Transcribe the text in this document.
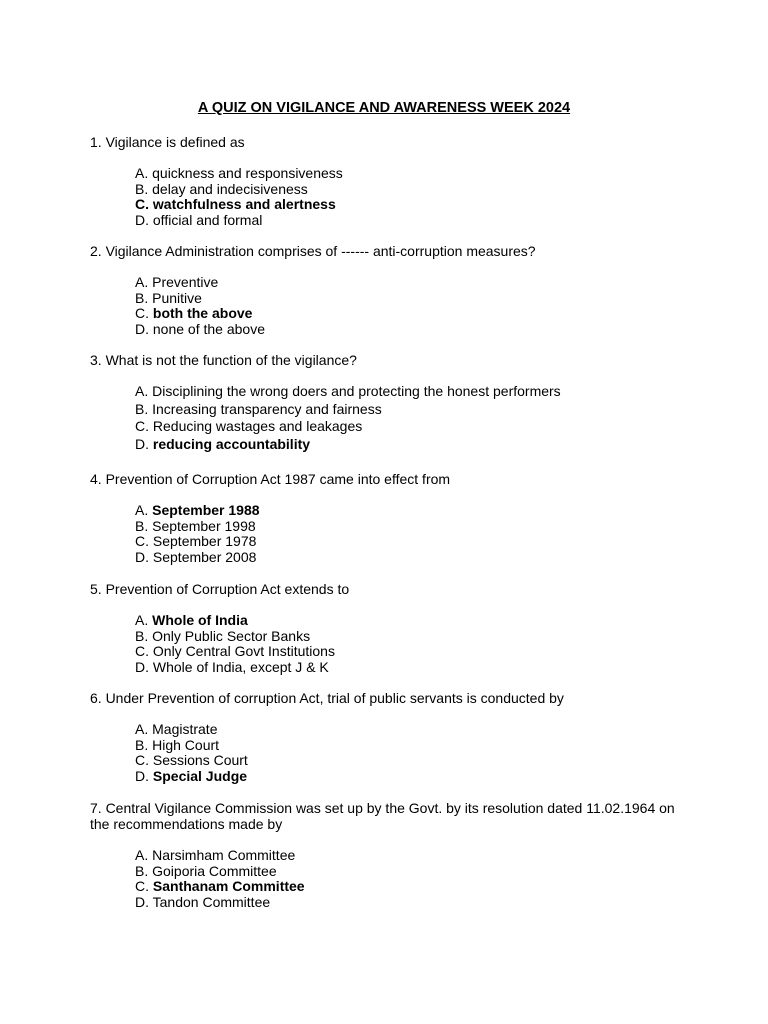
A QUIZ ON VIGILANCE AND AWARENESS WEEK 2024
1. Vigilance is defined as
A. quickness and responsiveness
B. delay and indecisiveness
C. watchfulness and alertness
D. official and formal
2. Vigilance Administration comprises of ------ anti-corruption measures?
A. Preventive
B. Punitive
C. both the above
D. none of the above
3. What is not the function of the vigilance?
A. Disciplining the wrong doers and protecting the honest performers
B. Increasing transparency and fairness
C. Reducing wastages and leakages
D. reducing accountability
4. Prevention of Corruption Act 1987 came into effect from
A. September 1988
B. September 1998
C. September 1978
D. September 2008
5. Prevention of Corruption Act extends to
A. Whole of India
B. Only Public Sector Banks
C. Only Central Govt Institutions
D. Whole of India, except J & K
6. Under Prevention of corruption Act, trial of public servants is conducted by
A. Magistrate
B. High Court
C. Sessions Court
D. Special Judge
7. Central Vigilance Commission was set up by the Govt. by its resolution dated 11.02.1964 on the recommendations made by
A. Narsimham Committee
B. Goiporia Committee
C. Santhanam Committee
D. Tandon Committee
